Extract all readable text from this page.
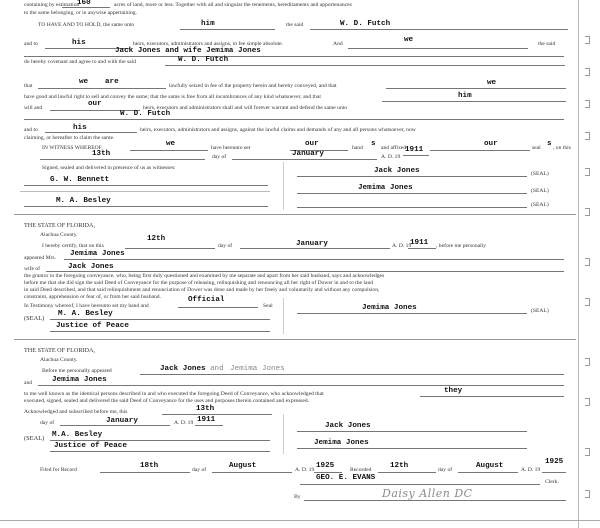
160
containing by estimation	acres of land, more or less. Together with all and singular the tenements, hereditaments and appurtenances
to the same belonging, or in anywise appertaining.
TO HAVE AND TO HOLD, the same unto	him	the said	W. D. Futch
and to	his	heirs, executors, administrators and assigns, in fee simple absolute.	And	we	the said
Jack Jones and wife Jemima Jones
do hereby covenant and agree to and with the said	W. D. Futch
that	we are	lawfully seized in fee of the property herein and hereby conveyed, and that	we
have good and lawful right to sell and convey the same; that the same is free from all incumbrances of any kind whatsoever, and that	him
will and	our	heirs, executors and administrators shall and will forever warrant and defend the same unto
W. D. Futch
and to	his	heirs, executors, administrators and assigns, against the lawful claims and demands of any and all persons whatsoever, now
claiming, or hereafter to claim the same.
IN WITNESS WHEREOF,	we	have hereunto set	our	hand s and affixed	our	seal s , on this
13th	day of	January	A. D. 19
1911
Signed, sealed and delivered in presence of us as witnesses:
G. W. Bennett
M. A. Besley
Jack Jones	(SEAL)
Jemima Jones	(SEAL)
(SEAL)
THE STATE OF FLORIDA,
Alachua County.
I hereby certify, that on this
12th
day of	January	A. D. 19
1911 , before me personally
appeared Mrs. Jemima Jones
wife of	Jack Jones
the grantor in the foregoing conveyance, who, being first duly questioned and examined by me separate and apart from her said husband, says and acknowledges
before me that she did sign the said Deed of Conveyance for the purpose of releasing, relinquishing and renouncing all her right of Dower in and to the land
in said Deed described, and that said relinquishment and renunciation of Dower was done and made by her freely and voluntarily and without any compulsion,
constraint, apprehension or fear of, or from her said husband.
In Testimony whereof, I have hereunto set my hand and
Official
Seal
(SEAL)
M. A. Besley
Justice of Peace
Jemima Jones	(SEAL)
THE STATE OF FLORIDA,
Alachua County.
Before me personally appeared	Jack Jones and Jemima Jones
and	Jemima Jones
to me well known as the identical persons described in and who executed the foregoing Deed of Conveyance, who acknowledged that	they
executed, signed, sealed and delivered the said Deed of Conveyance for the uses and purposes therein contained and expressed.
Acknowledged and subscribed before me, this	13th
day of	January	A. D. 19 1911
(SEAL) M.A. Besley
Justice of Peace
Jack Jones
Jemima Jones
Filed for Record	18th	day of	August	A. D. 19 1925	Recorded 12th	day of	August	A. D. 19
1925
GEO. E. EVANS	Clerk.
By	Daisy Allen DC
